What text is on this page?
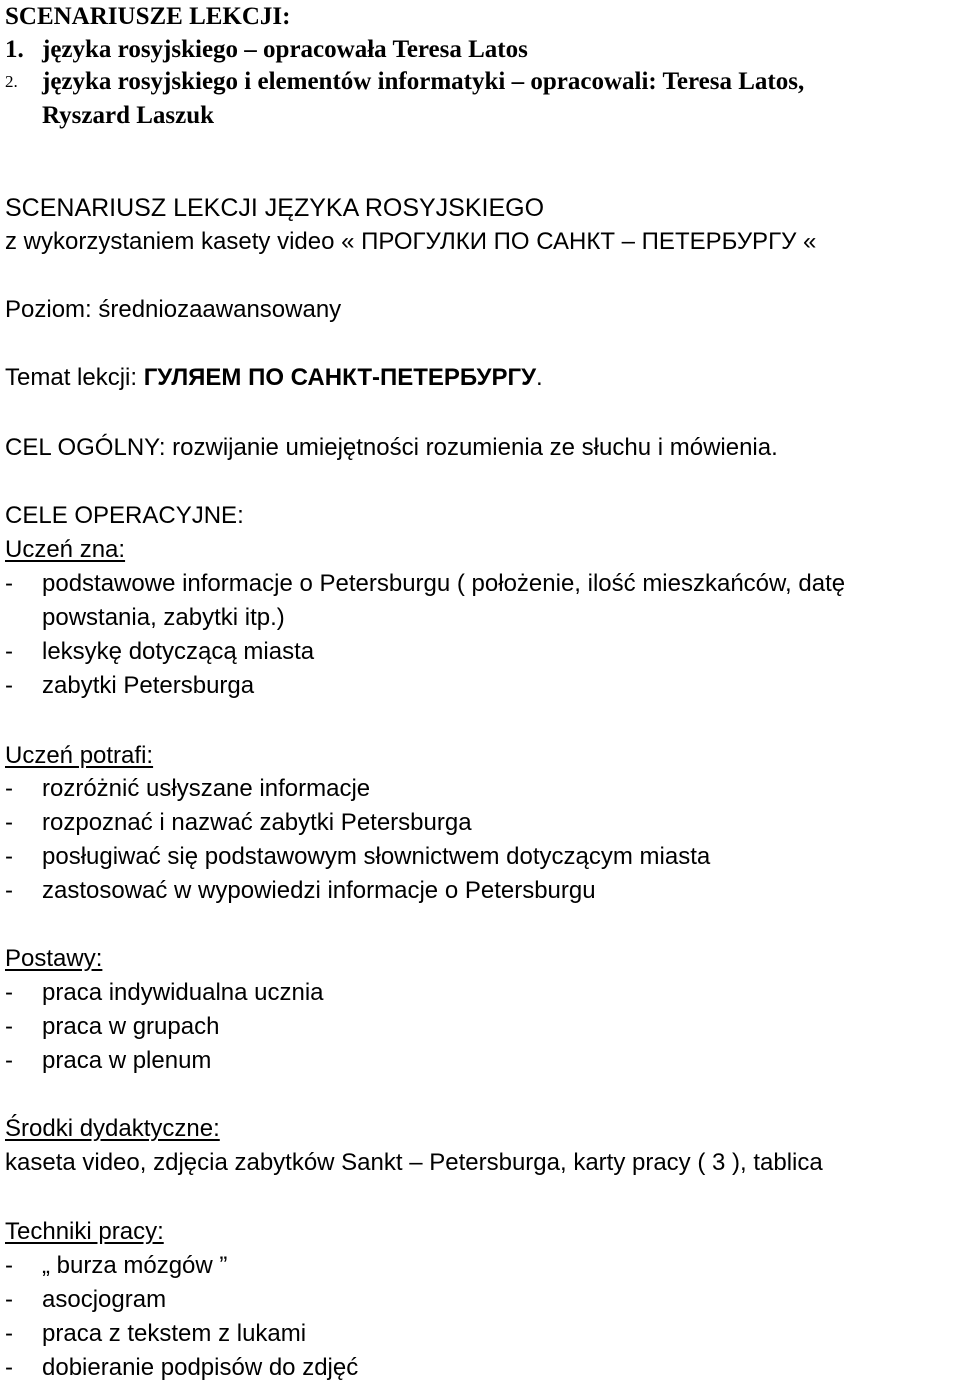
SCENARIUSZE LEKCJI:
1. języka rosyjskiego – opracowała Teresa Latos
2. języka rosyjskiego i elementów informatyki – opracowali: Teresa Latos,
Ryszard Laszuk
SCENARIUSZ LEKCJI JĘZYKA ROSYJSKIEGO
z wykorzystaniem kasety video « ПРОГУЛКИ ПО САНКТ – ПЕТЕРБУРГУ «
Poziom: średniozaawansowany
Temat lekcji: ГУЛЯЕМ ПО САНКТ-ПЕТЕРБУРГУ.
CEL OGÓLNY: rozwijanie umiejętności rozumienia ze słuchu i mówienia.
CELE OPERACYJNE:
Uczeń zna:
- podstawowe informacje o Petersburgu ( położenie, ilość mieszkańców, datę
powstania, zabytki itp.)
- leksykę dotyczącą miasta
- zabytki Petersburga
Uczeń potrafi:
- rozróżnić usłyszane informacje
- rozpoznać i nazwać zabytki Petersburga
- posługiwać się podstawowym słownictwem dotyczącym miasta
- zastosować w wypowiedzi informacje o Petersburgu
Postawy:
- praca indywidualna ucznia
- praca w grupach
- praca w plenum
Środki dydaktyczne:
kaseta video, zdjęcia zabytków Sankt – Petersburga, karty pracy ( 3 ), tablica
Techniki pracy:
- „ burza mózgów ”
- asocjogram
- praca z tekstem z lukami
- dobieranie podpisów do zdjęć
